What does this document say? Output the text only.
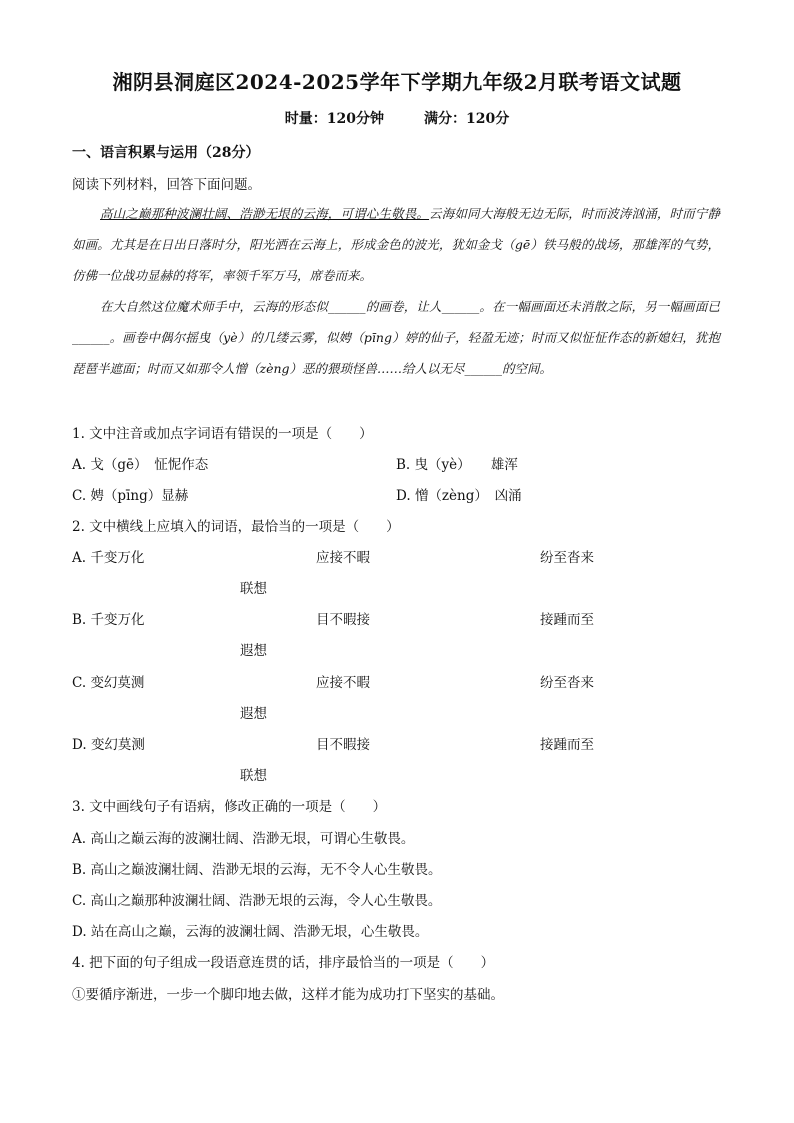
湘阴县洞庭区2024-2025学年下学期九年级2月联考语文试题
时量：120分钟	满分：120分
一、语言积累与运用（28分）
阅读下列材料，回答下面问题。

高山之巅那种波澜壮阔、浩渺无垠的云海，可谓心生敬畏。云海如同大海般无边无际，时而波涛汹涌，时而宁静如画。尤其是在日出日落时分，阳光洒在云海上，形成金色的波光，犹如金戈（gē）铁马般的战场，那雄浑的气势，仿佛一位战功显赫的将军，率领千军万马，席卷而来。

在大自然这位魔术师手中，云海的形态似______的画卷，让人______。在一幅画面还未消散之际，另一幅画面已______。画卷中偶尔摇曳（yè）的几缕云雾，似娉（pīng）婷的仙子，轻盈无迹；时而又似怔怔作态的新媳妇，犹抱琵琶半遮面；时而又如那令人憎（zèng）恶的猥琐怪兽……给人以无尽______的空间。

1. 文中注音或加点字词语有错误的一项是（　　）
A. 戈（gē）　怔怩作态	B. 曳（yè）　　雄浑
C. 娉（pīng）显赫	D. 憎（zèng）　凶涌
2. 文中横线上应填入的词语，最恰当的一项是（　　）
A. 千变万化	应接不暇	纷至沓来
联想
B. 千变万化	目不暇接	接踵而至
遐想
C. 变幻莫测	应接不暇	纷至沓来
遐想
D. 变幻莫测	目不暇接	接踵而至
联想
3. 文中画线句子有语病，修改正确的一项是（　　）
A. 高山之巅云海的波澜壮阔、浩渺无垠，可谓心生敬畏。
B. 高山之巅波澜壮阔、浩渺无垠的云海，无不令人心生敬畏。
C. 高山之巅那种波澜壮阔、浩渺无垠的云海，令人心生敬畏。
D. 站在高山之巅，云海的波澜壮阔、浩渺无垠，心生敬畏。
4. 把下面的句子组成一段语意连贯的话，排序最恰当的一项是（　　）
①要循序渐进，一步一个脚印地去做，这样才能为成功打下坚实的基础。
